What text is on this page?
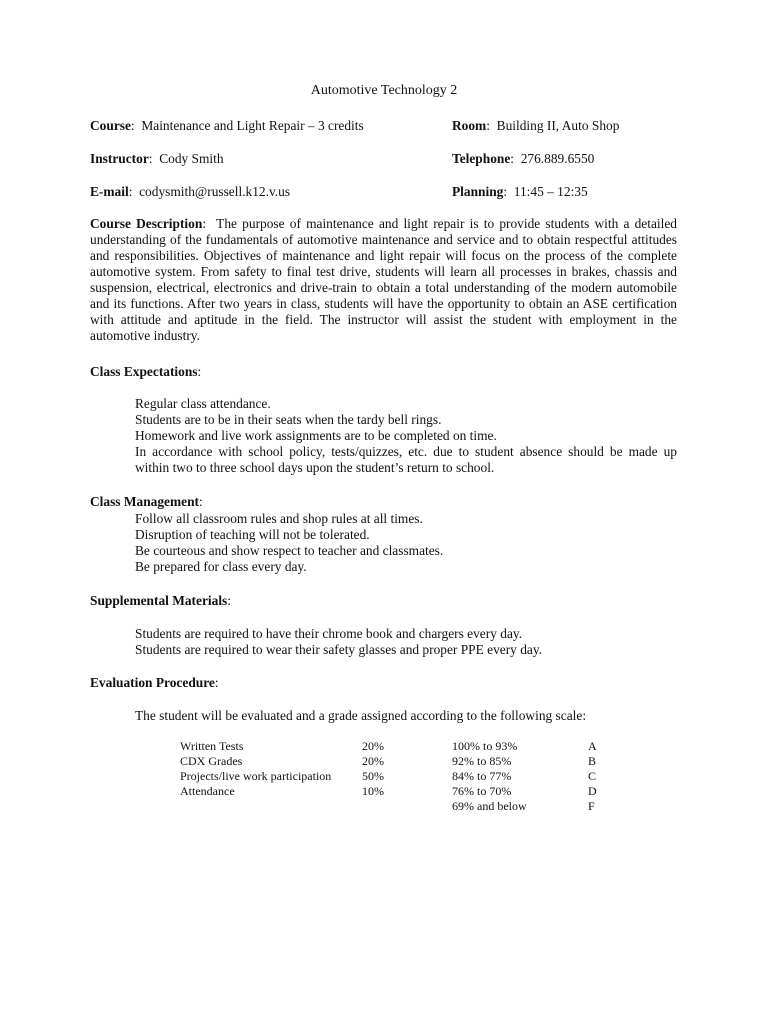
Automotive Technology 2
Course:  Maintenance and Light Repair – 3 credits	Room:  Building II, Auto Shop
Instructor:  Cody Smith	Telephone:  276.889.6550
E-mail:  codysmith@russell.k12.v.us	Planning:  11:45 – 12:35
Course Description:  The purpose of maintenance and light repair is to provide students with a detailed understanding of the fundamentals of automotive maintenance and service and to obtain respectful attitudes and responsibilities. Objectives of maintenance and light repair will focus on the process of the complete automotive system. From safety to final test drive, students will learn all processes in brakes, chassis and suspension, electrical, electronics and drive-train to obtain a total understanding of the modern automobile and its functions. After two years in class, students will have the opportunity to obtain an ASE certification with attitude and aptitude in the field. The instructor will assist the student with employment in the automotive industry.
Class Expectations:
Regular class attendance.
Students are to be in their seats when the tardy bell rings.
Homework and live work assignments are to be completed on time.
In accordance with school policy, tests/quizzes, etc. due to student absence should be made up within two to three school days upon the student’s return to school.
Class Management:
Follow all classroom rules and shop rules at all times.
Disruption of teaching will not be tolerated.
Be courteous and show respect to teacher and classmates.
Be prepared for class every day.
Supplemental Materials:
Students are required to have their chrome book and chargers every day.
Students are required to wear their safety glasses and proper PPE every day.
Evaluation Procedure:
The student will be evaluated and a grade assigned according to the following scale:
Written Tests	20%	100% to 93%	A
CDX Grades	20%	92% to 85%	B
Projects/live work participation	50%	84% to 77%	C
Attendance	10%	76% to 70%	D
		69% and below	F
